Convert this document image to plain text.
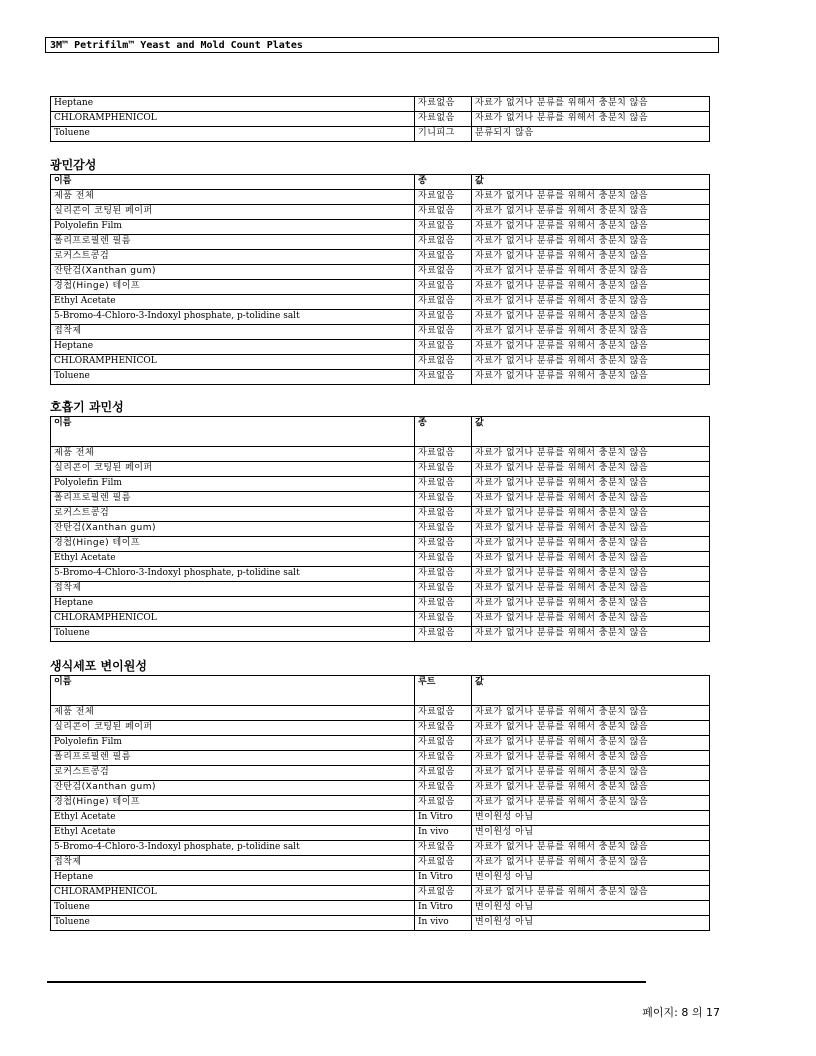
3M™ Petrifilm™ Yeast and Mold Count Plates
Heptane	자료없음	자료가 없거나 분류를 위해서 충분치 않음
CHLORAMPHENICOL	자료없음	자료가 없거나 분류를 위해서 충분치 않음
Toluene	기니피그	분류되지 않음
광민감성
이름	종	값
제품 전체	자료없음	자료가 없거나 분류를 위해서 충분치 않음
실리콘이 코팅된 페이퍼	자료없음	자료가 없거나 분류를 위해서 충분치 않음
Polyolefin Film	자료없음	자료가 없거나 분류를 위해서 충분치 않음
폴리프로필렌 필름	자료없음	자료가 없거나 분류를 위해서 충분치 않음
로커스트콩검	자료없음	자료가 없거나 분류를 위해서 충분치 않음
잔탄검(Xanthan gum)	자료없음	자료가 없거나 분류를 위해서 충분치 않음
경첩(Hinge) 테이프	자료없음	자료가 없거나 분류를 위해서 충분치 않음
Ethyl Acetate	자료없음	자료가 없거나 분류를 위해서 충분치 않음
5-Bromo-4-Chloro-3-Indoxyl phosphate, p-tolidine salt	자료없음	자료가 없거나 분류를 위해서 충분치 않음
접착제	자료없음	자료가 없거나 분류를 위해서 충분치 않음
Heptane	자료없음	자료가 없거나 분류를 위해서 충분치 않음
CHLORAMPHENICOL	자료없음	자료가 없거나 분류를 위해서 충분치 않음
Toluene	자료없음	자료가 없거나 분류를 위해서 충분치 않음
호흡기 과민성
이름	종	값
제품 전체	자료없음	자료가 없거나 분류를 위해서 충분치 않음
실리콘이 코팅된 페이퍼	자료없음	자료가 없거나 분류를 위해서 충분치 않음
Polyolefin Film	자료없음	자료가 없거나 분류를 위해서 충분치 않음
폴리프로필렌 필름	자료없음	자료가 없거나 분류를 위해서 충분치 않음
로커스트콩검	자료없음	자료가 없거나 분류를 위해서 충분치 않음
잔탄검(Xanthan gum)	자료없음	자료가 없거나 분류를 위해서 충분치 않음
경첩(Hinge) 테이프	자료없음	자료가 없거나 분류를 위해서 충분치 않음
Ethyl Acetate	자료없음	자료가 없거나 분류를 위해서 충분치 않음
5-Bromo-4-Chloro-3-Indoxyl phosphate, p-tolidine salt	자료없음	자료가 없거나 분류를 위해서 충분치 않음
접착제	자료없음	자료가 없거나 분류를 위해서 충분치 않음
Heptane	자료없음	자료가 없거나 분류를 위해서 충분치 않음
CHLORAMPHENICOL	자료없음	자료가 없거나 분류를 위해서 충분치 않음
Toluene	자료없음	자료가 없거나 분류를 위해서 충분치 않음
생식세포 변이원성
이름	루트	값
제품 전체	자료없음	자료가 없거나 분류를 위해서 충분치 않음
실리콘이 코팅된 페이퍼	자료없음	자료가 없거나 분류를 위해서 충분치 않음
Polyolefin Film	자료없음	자료가 없거나 분류를 위해서 충분치 않음
폴리프로필렌 필름	자료없음	자료가 없거나 분류를 위해서 충분치 않음
로커스트콩검	자료없음	자료가 없거나 분류를 위해서 충분치 않음
잔탄검(Xanthan gum)	자료없음	자료가 없거나 분류를 위해서 충분치 않음
경첩(Hinge) 테이프	자료없음	자료가 없거나 분류를 위해서 충분치 않음
Ethyl Acetate	In Vitro	변이원성 아님
Ethyl Acetate	In vivo	변이원성 아님
5-Bromo-4-Chloro-3-Indoxyl phosphate, p-tolidine salt	자료없음	자료가 없거나 분류를 위해서 충분치 않음
접착제	자료없음	자료가 없거나 분류를 위해서 충분치 않음
Heptane	In Vitro	변이원성 아님
CHLORAMPHENICOL	자료없음	자료가 없거나 분류를 위해서 충분치 않음
Toluene	In Vitro	변이원성 아님
Toluene	In vivo	변이원성 아님
페이지: 8 의 17
